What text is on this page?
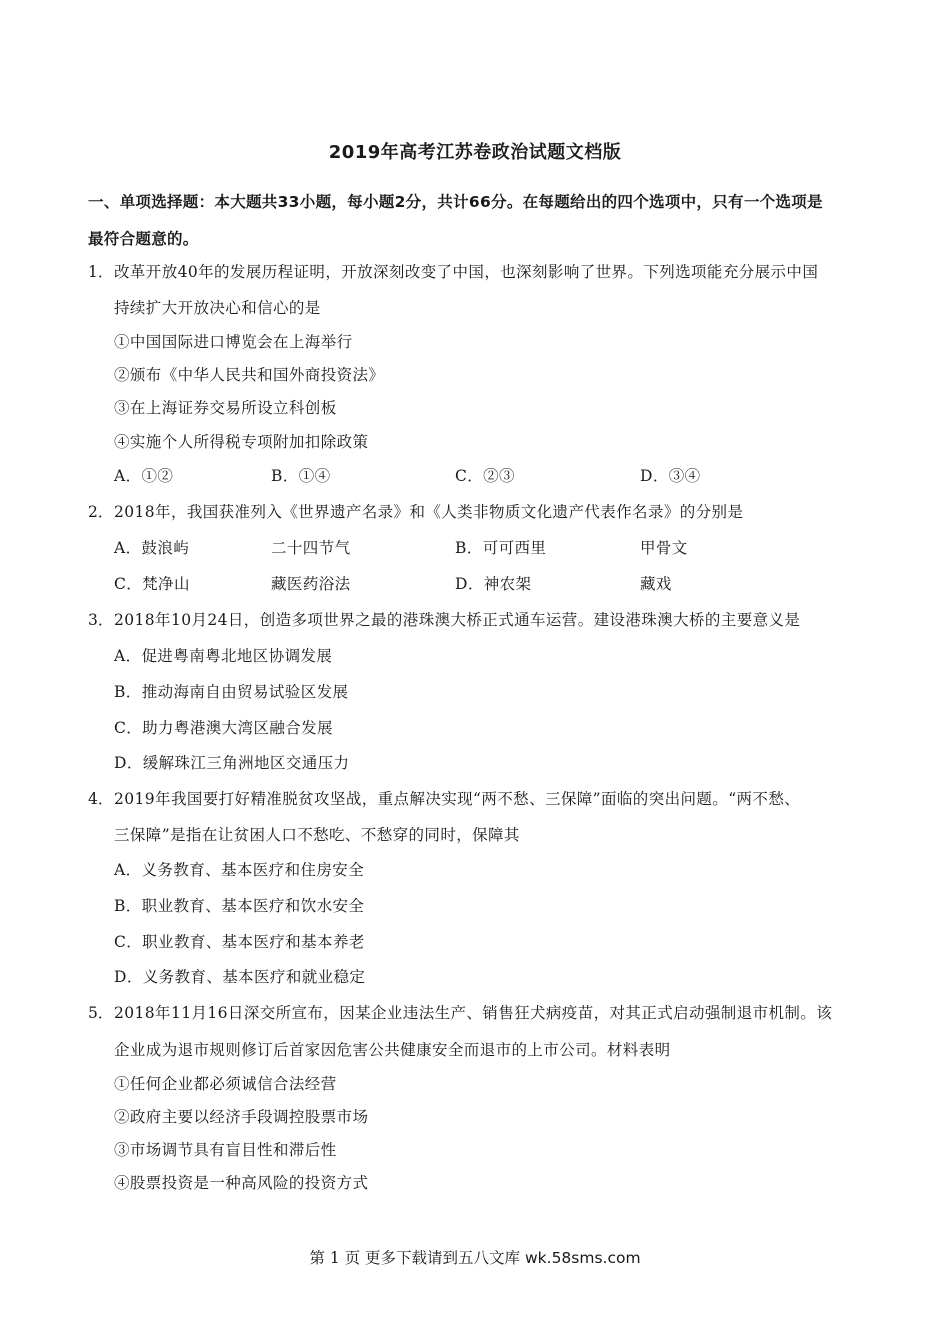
2019年高考江苏卷政治试题文档版
一、单项选择题：本大题共33小题，每小题2分，共计66分。在每题给出的四个选项中，只有一个选项是
最符合题意的。
1． 改革开放40年的发展历程证明，开放深刻改变了中国，也深刻影响了世界。下列选项能充分展示中国
持续扩大开放决心和信心的是
①中国国际进口博览会在上海举行
②颁布《中华人民共和国外商投资法》
③在上海证券交易所设立科创板
④实施个人所得税专项附加扣除政策
A．①②	B．①④	C．②③	D．③④
2． 2018年，我国获准列入《世界遗产名录》和《人类非物质文化遗产代表作名录》的分别是
A．鼓浪屿	二十四节气	B．可可西里	甲骨文
C．梵净山	藏医药浴法	D．神农架	藏戏
3． 2018年10月24日，创造多项世界之最的港珠澳大桥正式通车运营。建设港珠澳大桥的主要意义是
A．促进粤南粤北地区协调发展
B．推动海南自由贸易试验区发展
C．助力粤港澳大湾区融合发展
D．缓解珠江三角洲地区交通压力
4． 2019年我国要打好精准脱贫攻坚战，重点解决实现“两不愁、三保障”面临的突出问题。“两不愁、
三保障”是指在让贫困人口不愁吃、不愁穿的同时，保障其
A．义务教育、基本医疗和住房安全
B．职业教育、基本医疗和饮水安全
C．职业教育、基本医疗和基本养老
D．义务教育、基本医疗和就业稳定
5． 2018年11月16日深交所宣布，因某企业违法生产、销售狂犬病疫苗，对其正式启动强制退市机制。该
企业成为退市规则修订后首家因危害公共健康安全而退市的上市公司。材料表明
①任何企业都必须诚信合法经营
②政府主要以经济手段调控股票市场
③市场调节具有盲目性和滞后性
④股票投资是一种高风险的投资方式
第 1 页 更多下载请到五八文库 wk.58sms.com
